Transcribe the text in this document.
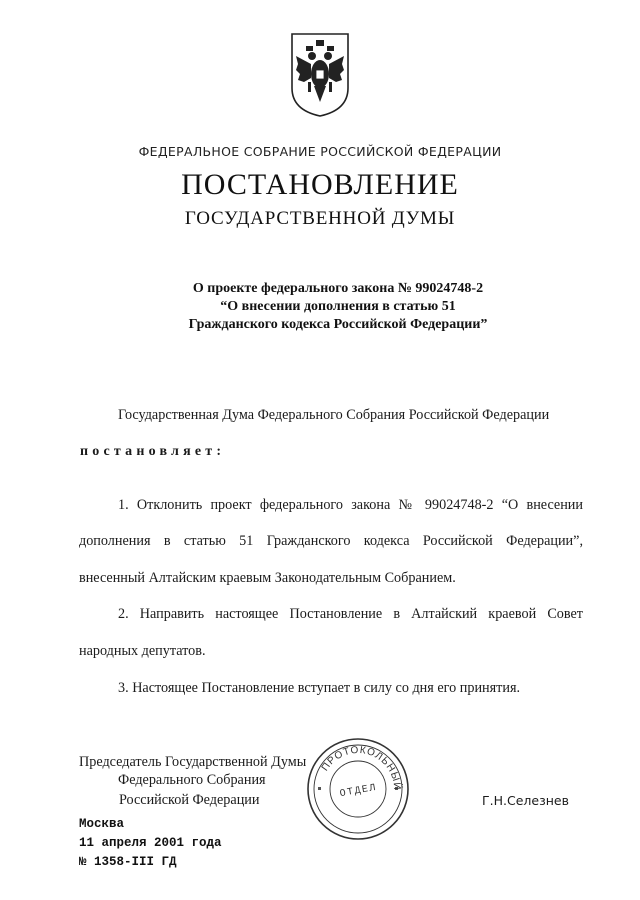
ФЕДЕРАЛЬНОЕ СОБРАНИЕ РОССИЙСКОЙ ФЕДЕРАЦИИ
ПОСТАНОВЛЕНИЕ
ГОСУДАРСТВЕННОЙ ДУМЫ
О проекте федерального закона № 99024748-2
“О внесении дополнения в статью 51
Гражданского кодекса Российской Федерации”
Государственная Дума Федерального Собрания Российской Федерации
постановляет:
1. Отклонить проект федерального закона № 99024748-2 “О внесении
дополнения в статью 51 Гражданского кодекса Российской Федерации”,
внесенный Алтайским краевым Законодательным Собранием.
2. Направить настоящее Постановление в Алтайский краевой Совет
народных депутатов.
3. Настоящее Постановление вступает в силу со дня его принятия.
Председатель Государственной Думы
Федерального Собрания
Российской Федерации
ПРОТОКОЛЬНЫЙ
ОТДЕЛ
Г.Н.Селезнев
Москва
11 апреля 2001 года
№ 1358-III ГД
